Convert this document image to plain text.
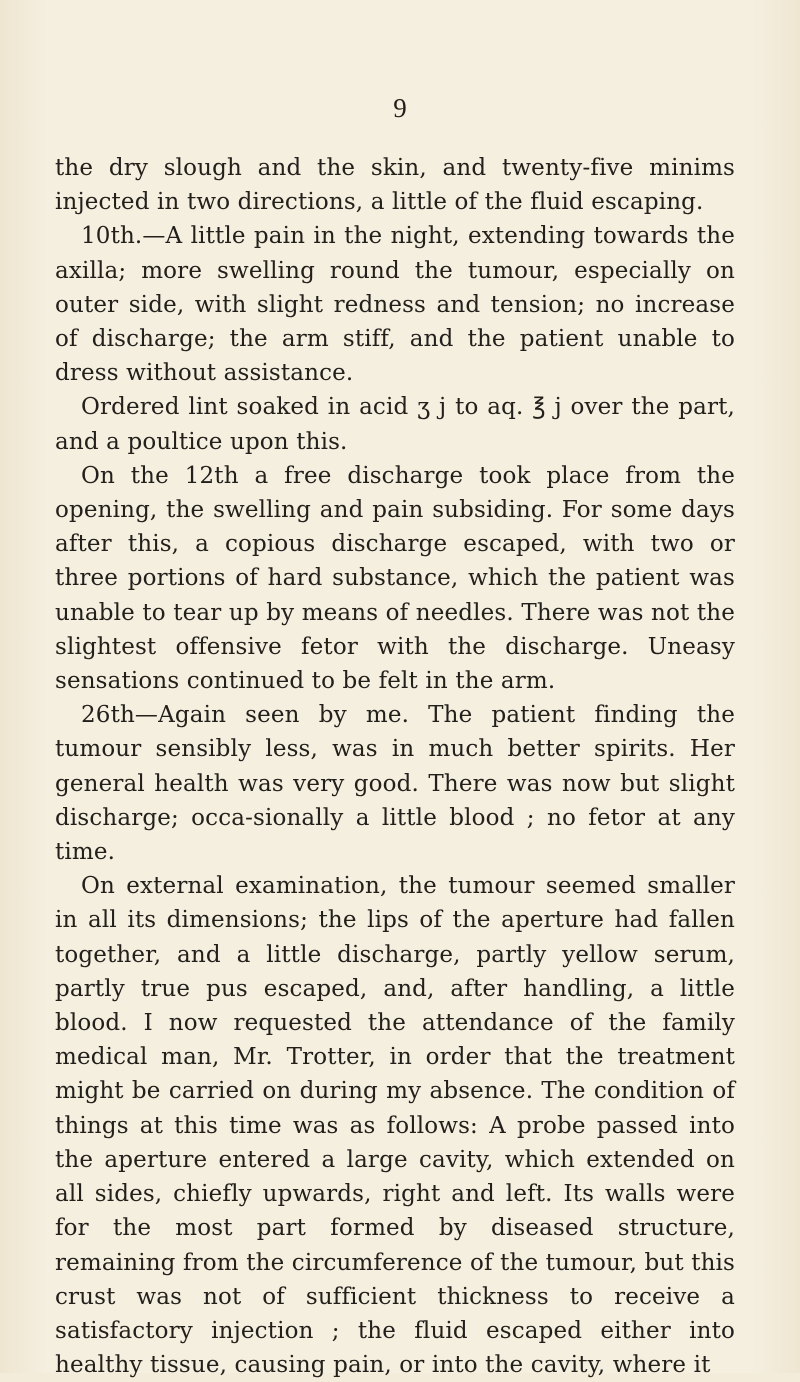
9

the dry slough and the skin, and twenty-five minims injected in two directions, a little of the fluid escaping.

10th.—A little pain in the night, extending towards the axilla; more swelling round the tumour, especially on outer side, with slight redness and tension; no increase of discharge; the arm stiff, and the patient unable to dress without assistance.

Ordered lint soaked in acid ʒ j to aq. ℥ j over the part, and a poultice upon this.

On the 12th a free discharge took place from the opening, the swelling and pain subsiding. For some days after this, a copious discharge escaped, with two or three portions of hard substance, which the patient was unable to tear up by means of needles. There was not the slightest offensive fetor with the discharge. Uneasy sensations continued to be felt in the arm.

26th—Again seen by me. The patient finding the tumour sensibly less, was in much better spirits. Her general health was very good. There was now but slight discharge; occa-sionally a little blood ; no fetor at any time.

On external examination, the tumour seemed smaller in all its dimensions; the lips of the aperture had fallen together, and a little discharge, partly yellow serum, partly true pus escaped, and, after handling, a little blood. I now requested the attendance of the family medical man, Mr. Trotter, in order that the treatment might be carried on during my absence. The condition of things at this time was as follows: A probe passed into the aperture entered a large cavity, which extended on all sides, chiefly upwards, right and left. Its walls were for the most part formed by diseased structure, remaining from the circumference of the tumour, but this crust was not of sufficient thickness to receive a satisfactory injection ; the fluid escaped either into healthy tissue, causing pain, or into the cavity, where it
